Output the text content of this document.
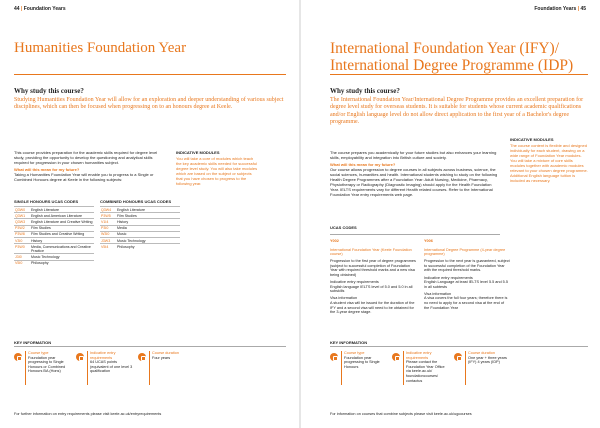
44 | Foundation Years
Humanities Foundation Year
Why study this course?
Studying Humanities Foundation Year will allow for an exploration and deeper understanding of various subject disciplines, which can then be focused when progressing on to an honours degree at Keele.

This course provides preparation for the academic skills required for degree level study, providing the opportunity to develop the questioning and analytical skills required for progression in your chosen humanities subject.

What will this mean for my future?

Taking a Humanities Foundation Year will enable you to progress to a Single or Combined Honours degree at Keele in the following subjects:

INDICATIVE MODULES

You will take a core of modules which teach the key academic skills needed for successful degree level study. You will also take modules which are based on the subject or subjects that you have chosen to progress to the following year.

SINGLE HONOURS UCAS CODES
Q3W0	English Literature
Q3W1	English and American Literature
Q3W3	English Literature and Creative Writing
P3W2	Film Studies
P3W8	Film Studies and Creative Writing
V3I0	History
P3W0	Media, Communications and Creative Practice
J3I0	Music Technology
V5I0	Philosophy
COMBINED HONOURS UCAS CODES
Q3W4	English Literature
P3W5	Film Studies
V1I4	History
P3I0	Media
W3I0	Music
J3W3	Music Technology
V5I4	Philosophy
KEY INFORMATION
Course type
Foundation year progressing to Single Honours or Combined Honours BA (Hons)
Indicative entry requirements
64 UCAS points (equivalent of one level 3 qualification
Course duration
Four years
For further information on entry requirements please visit keele.ac.uk/entryrequirements
Foundation Years | 45
International Foundation Year (IFY)/ International Degree Programme (IDP)
Why study this course?
The International Foundation Year/International Degree Programme provides an excellent preparation for degree level study for overseas students. It is suitable for students whose current academic qualifications and/or English language level do not allow direct application to the first year of a Bachelor's degree programme.

The course prepares you academically for your future studies but also enhances your learning skills, employability and integration into British culture and society.

What will this mean for my future?

Our course allows progression to degree courses in all subjects across business, science, the social sciences, humanities and health. International students wishing to study on the following Health Degree Programmes after a Foundation Year: Adult Nursing, Medicine, Pharmacy, Physiotherapy or Radiography (Diagnostic Imaging) should apply for the Health Foundation Year. IELTS requirements vary for different Health related courses. Refer to the International Foundation Year entry requirements web page.

INDICATIVE MODULES

The course content is flexible and designed individually for each student, drawing on a wide range of Foundation Year modules. You will take a mixture of core skills modules together with academic modules relevant to your chosen degree programme. Additional English language tuition is included as necessary.

UCAS CODES
Y002

International Foundation Year (Keele Foundation course)

Progression to the first year of degree programmes (subject to successful completion of Foundation Year with required threshold marks and a new visa being obtained)

Indicative entry requirements

English language IELTS level of 5.0 and 5.0 in all subskills

Visa information

A student visa will be issued for the duration of the IFY and a second visa will need to be obtained for the 3-year degree stage.

Y006

International Degree Programme (4-year degree programme)

Progression to the next year is guaranteed, subject to successful completion of the Foundation Year with the required threshold marks.

Indicative entry requirements

English Language at least IELTS level 5.5 and 5.5 in all subtests

Visa information

A visa covers the full four years; therefore there is no need to apply for a second visa at the end of the Foundation Year

KEY INFORMATION
Course type
Foundation year progressing to Single Honours
Indicative entry requirements
Please contact the Foundation Year Office via keele.ac.uk/ foundationcourses/ contactus
Course duration
One year + three years (IFY) 4 years (IDP)
For information on courses that combine subjects please visit keele.ac.uk/ugcourses
